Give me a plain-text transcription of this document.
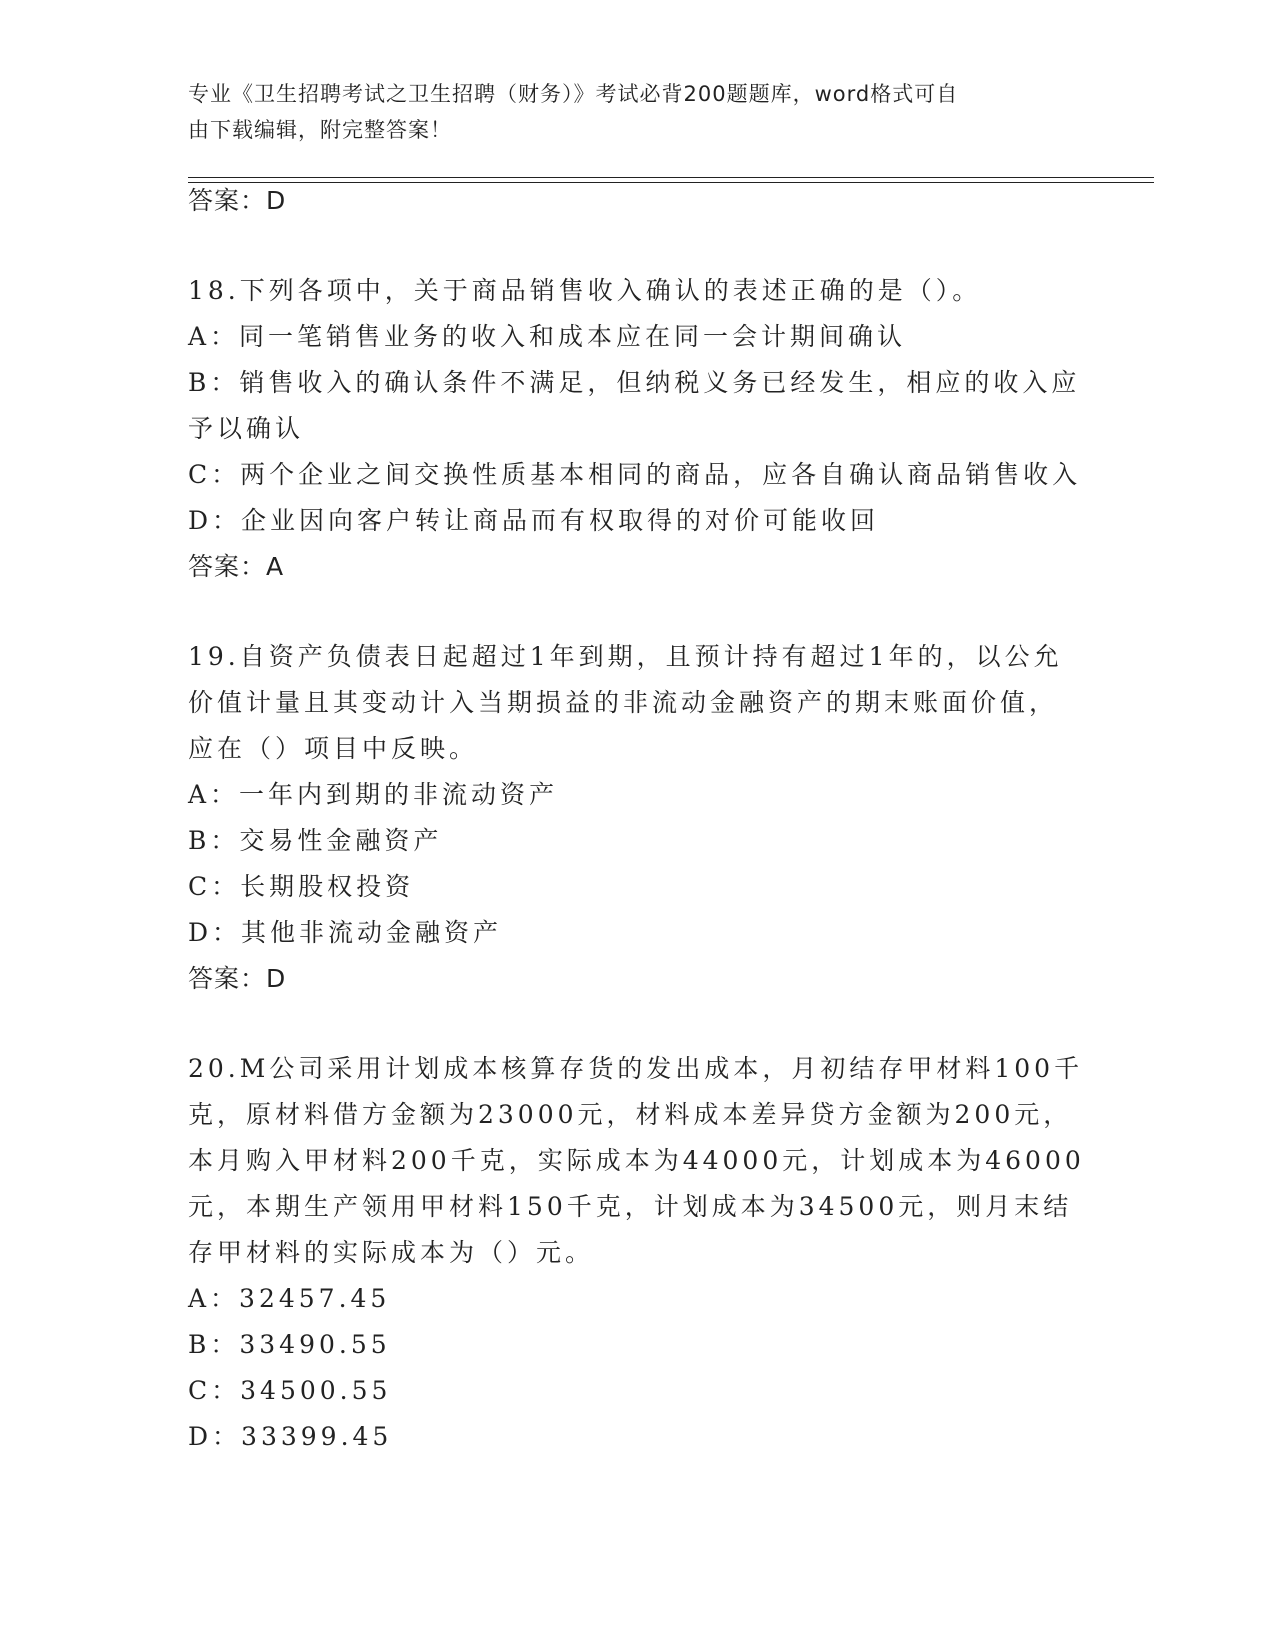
专业《卫生招聘考试之卫生招聘（财务）》考试必背200题题库，word格式可自
由下载编辑，附完整答案！
答案：D
18.下列各项中，关于商品销售收入确认的表述正确的是（）。
A：同一笔销售业务的收入和成本应在同一会计期间确认
B：销售收入的确认条件不满足，但纳税义务已经发生，相应的收入应
予以确认
C：两个企业之间交换性质基本相同的商品，应各自确认商品销售收入
D：企业因向客户转让商品而有权取得的对价可能收回
答案：A
19.自资产负债表日起超过1年到期，且预计持有超过1年的，以公允
价值计量且其变动计入当期损益的非流动金融资产的期末账面价值，
应在（）项目中反映。
A：一年内到期的非流动资产
B：交易性金融资产
C：长期股权投资
D：其他非流动金融资产
答案：D
20.M公司采用计划成本核算存货的发出成本，月初结存甲材料100千
克，原材料借方金额为23000元，材料成本差异贷方金额为200元，
本月购入甲材料200千克，实际成本为44000元，计划成本为46000
元，本期生产领用甲材料150千克，计划成本为34500元，则月末结
存甲材料的实际成本为（）元。
A：32457.45
B：33490.55
C：34500.55
D：33399.45
